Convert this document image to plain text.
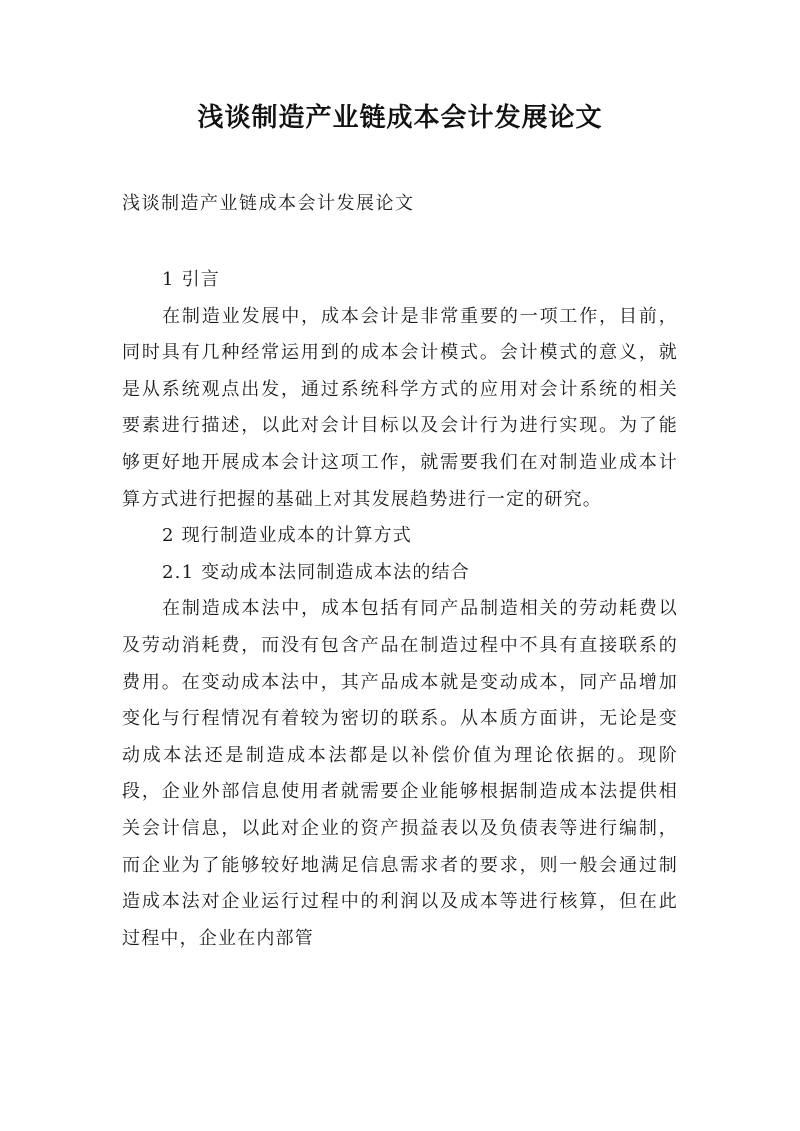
浅谈制造产业链成本会计发展论文

浅谈制造产业链成本会计发展论文

1 引言

在制造业发展中，成本会计是非常重要的一项工作，目前，同时具有几种经常运用到的成本会计模式。会计模式的意义，就是从系统观点出发，通过系统科学方式的应用对会计系统的相关要素进行描述，以此对会计目标以及会计行为进行实现。为了能够更好地开展成本会计这项工作，就需要我们在对制造业成本计算方式进行把握的基础上对其发展趋势进行一定的研究。

2 现行制造业成本的计算方式

2.1 变动成本法同制造成本法的结合

在制造成本法中，成本包括有同产品制造相关的劳动耗费以及劳动消耗费，而没有包含产品在制造过程中不具有直接联系的费用。在变动成本法中，其产品成本就是变动成本，同产品增加变化与行程情况有着较为密切的联系。从本质方面讲，无论是变动成本法还是制造成本法都是以补偿价值为理论依据的。现阶段，企业外部信息使用者就需要企业能够根据制造成本法提供相关会计信息，以此对企业的资产损益表以及负债表等进行编制，而企业为了能够较好地满足信息需求者的要求，则一般会通过制造成本法对企业运行过程中的利润以及成本等进行核算，但在此过程中，企业在内部管
